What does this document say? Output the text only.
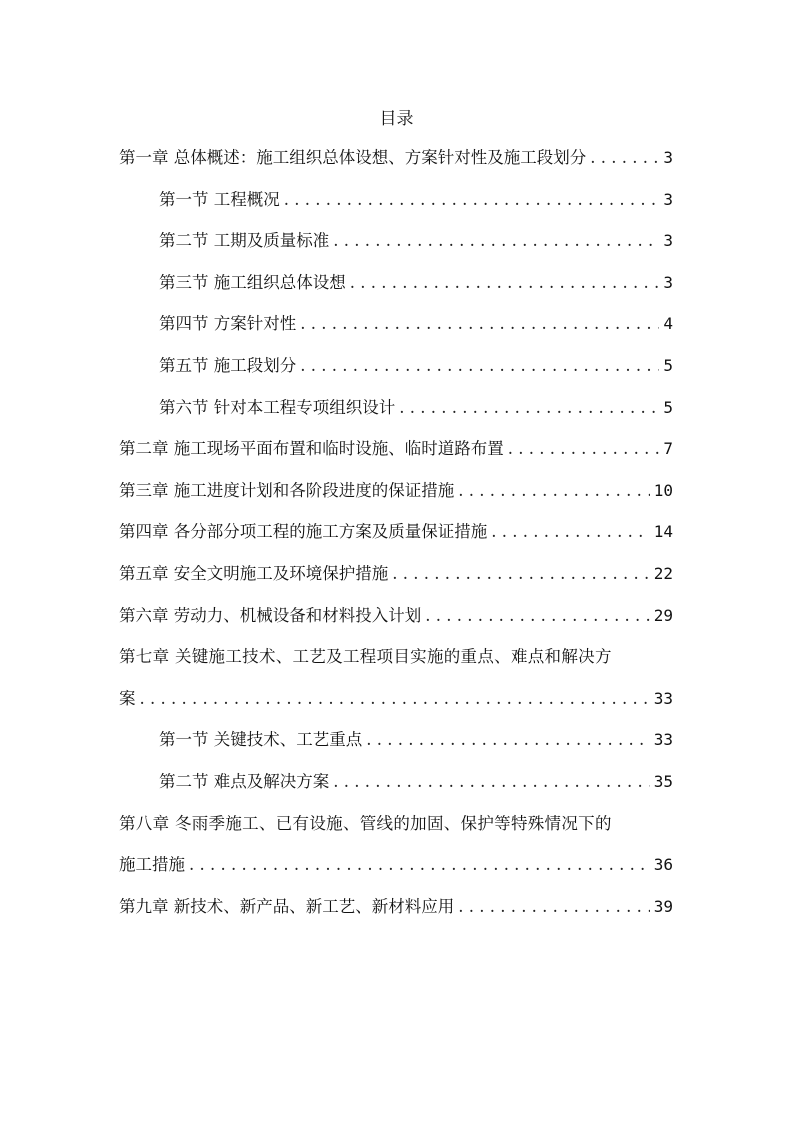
目录
第一章 总体概述：施工组织总体设想、方案针对性及施工段划分 . . .	3
第一节 工程概况 . . .	3
第二节 工期及质量标准 . . .	3
第三节 施工组织总体设想 . . .	3
第四节 方案针对性 . . .	4
第五节 施工段划分 . . .	5
第六节 针对本工程专项组织设计 . . .	5
第二章 施工现场平面布置和临时设施、临时道路布置 . . .	7
第三章 施工进度计划和各阶段进度的保证措施 . . .	10
第四章 各分部分项工程的施工方案及质量保证措施 . . .	14
第五章 安全文明施工及环境保护措施 . . .	22
第六章 劳动力、机械设备和材料投入计划 . . .	29
第七章 关键施工技术、工艺及工程项目实施的重点、难点和解决方
案 . . .	33
第一节 关键技术、工艺重点 . . .	33
第二节 难点及解决方案 . . .	35
第八章 冬雨季施工、已有设施、管线的加固、保护等特殊情况下的
施工措施 . . .	36
第九章 新技术、新产品、新工艺、新材料应用 . . .	39
